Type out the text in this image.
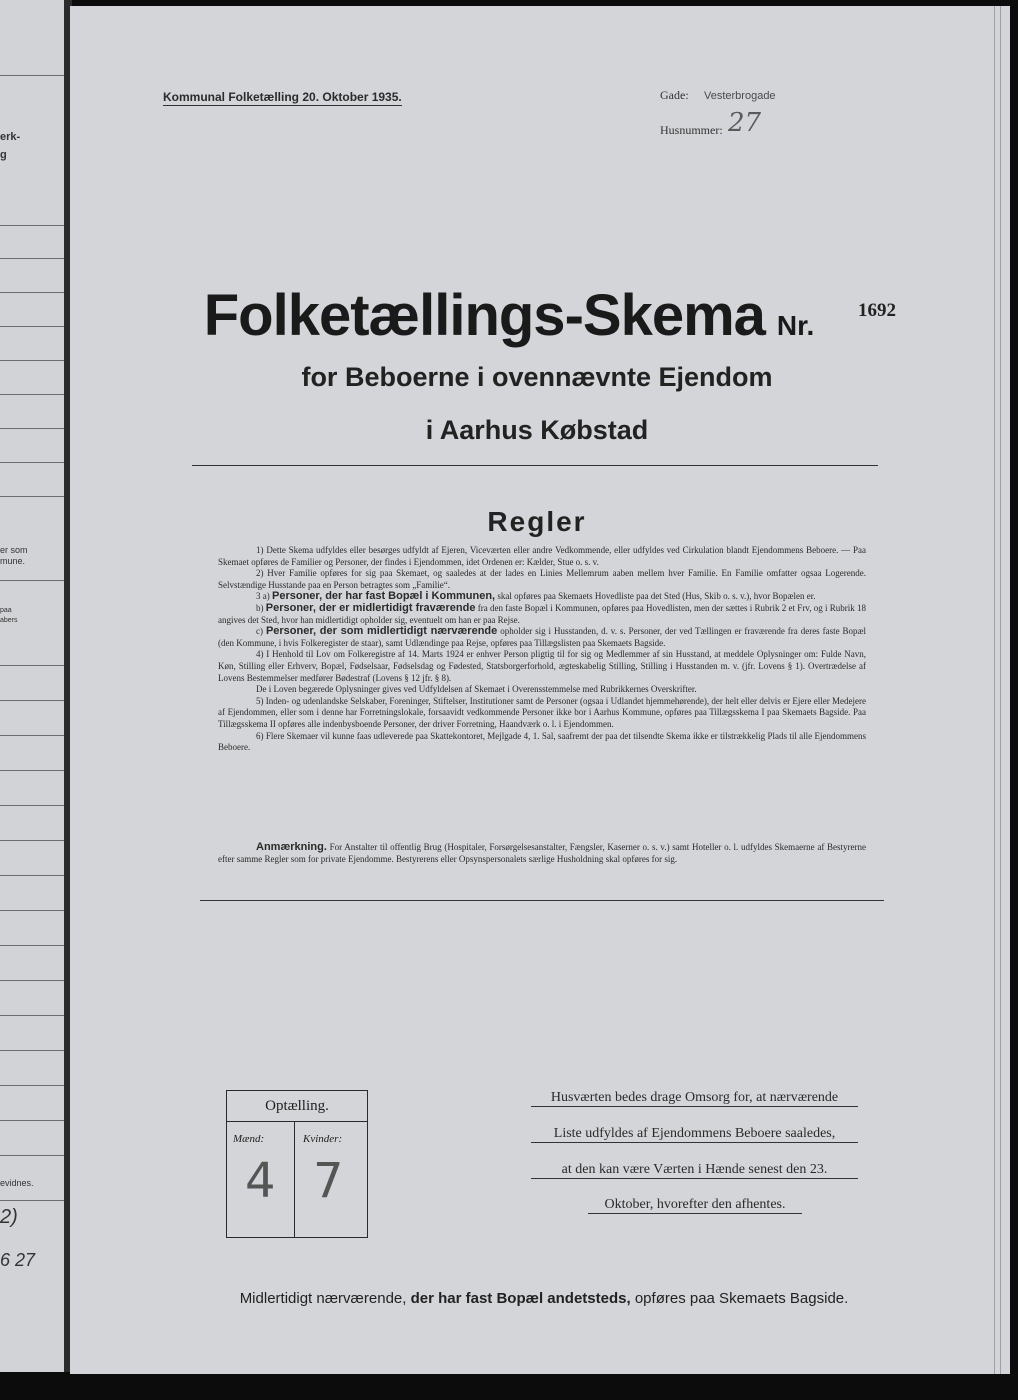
erk-
g
er som
mune.
paa
abers
evidnes.
2)
6 27
Kommunal Folketælling 20. Oktober 1935.	Gade: Vesterbrogade
Husnummer: 27
Folketællings-Skema Nr.	1692
for Beboerne i ovennævnte Ejendom
i Aarhus Købstad
Regler

1) Dette Skema udfyldes eller besørges udfyldt af Ejeren, Viceværten eller andre Vedkommende, eller udfyldes ved Cirkulation blandt Ejendommens Beboere. — Paa Skemaet opføres de Familier og Personer, der findes i Ejendommen, idet Ordenen er: Kælder, Stue o. s. v.

2) Hver Familie opføres for sig paa Skemaet, og saaledes at der lades en Linies Mellemrum aaben mellem hver Familie. En Familie omfatter ogsaa Logerende. Selvstændige Husstande paa en Person betragtes som „Familie“.

3 a) Personer, der har fast Bopæl i Kommunen, skal opføres paa Skemaets Hovedliste paa det Sted (Hus, Skib o. s. v.), hvor Bopælen er.

b) Personer, der er midlertidigt fraværende fra den faste Bopæl i Kommunen, opføres paa Hovedlisten, men der sættes i Rubrik 2 et Frv, og i Rubrik 18 angives det Sted, hvor han midlertidigt opholder sig, eventuelt om han er paa Rejse.

c) Personer, der som midlertidigt nærværende opholder sig i Husstanden, d. v. s. Personer, der ved Tællingen er fraværende fra deres faste Bopæl (den Kommune, i hvis Folkeregister de staar), samt Udlændinge paa Rejse, opføres paa Tillægslisten paa Skemaets Bagside.

4) I Henhold til Lov om Folkeregistre af 14. Marts 1924 er enhver Person pligtig til for sig og Medlemmer af sin Husstand, at meddele Oplysninger om: Fulde Navn, Køn, Stilling eller Erhverv, Bopæl, Fødselsaar, Fødselsdag og Fødested, Statsborgerforhold, ægteskabelig Stilling, Stilling i Husstanden m. v. (jfr. Lovens § 1). Overtrædelse af Lovens Bestemmelser medfører Bødestraf (Lovens § 12 jfr. § 8).

De i Loven begærede Oplysninger gives ved Udfyldelsen af Skemaet i Overensstemmelse med Rubrikkernes Overskrifter.

5) Inden- og udenlandske Selskaber, Foreninger, Stiftelser, Institutioner samt de Personer (ogsaa i Udlandet hjemmehørende), der helt eller delvis er Ejere eller Medejere af Ejendommen, eller som i denne har Forretningslokale, forsaavidt vedkommende Personer ikke bor i Aarhus Kommune, opføres paa Tillægsskema I paa Skemaets Bagside. Paa Tillægsskema II opføres alle indenbysboende Personer, der driver Forretning, Haandværk o. l. i Ejendommen.

6) Flere Skemaer vil kunne faas udleverede paa Skattekontoret, Mejlgade 4, 1. Sal, saafremt der paa det tilsendte Skema ikke er tilstrækkelig Plads til alle Ejendommens Beboere.

Anmærkning. For Anstalter til offentlig Brug (Hospitaler, Forsørgelsesanstalter, Fængsler, Kaserner o. s. v.) samt Hoteller o. l. udfyldes Skemaerne af Bestyrerne efter samme Regler som for private Ejendomme. Bestyrerens eller Opsynspersonalets særlige Husholdning skal opføres for sig.
Optælling.
Mænd:	Kvinder:
4 7
Husværten bedes drage Omsorg for, at nærværende
Liste udfyldes af Ejendommens Beboere saaledes,
at den kan være Værten i Hænde senest den 23.
Oktober, hvorefter den afhentes.
Midlertidigt nærværende, der har fast Bopæl andetsteds, opføres paa Skemaets Bagside.
